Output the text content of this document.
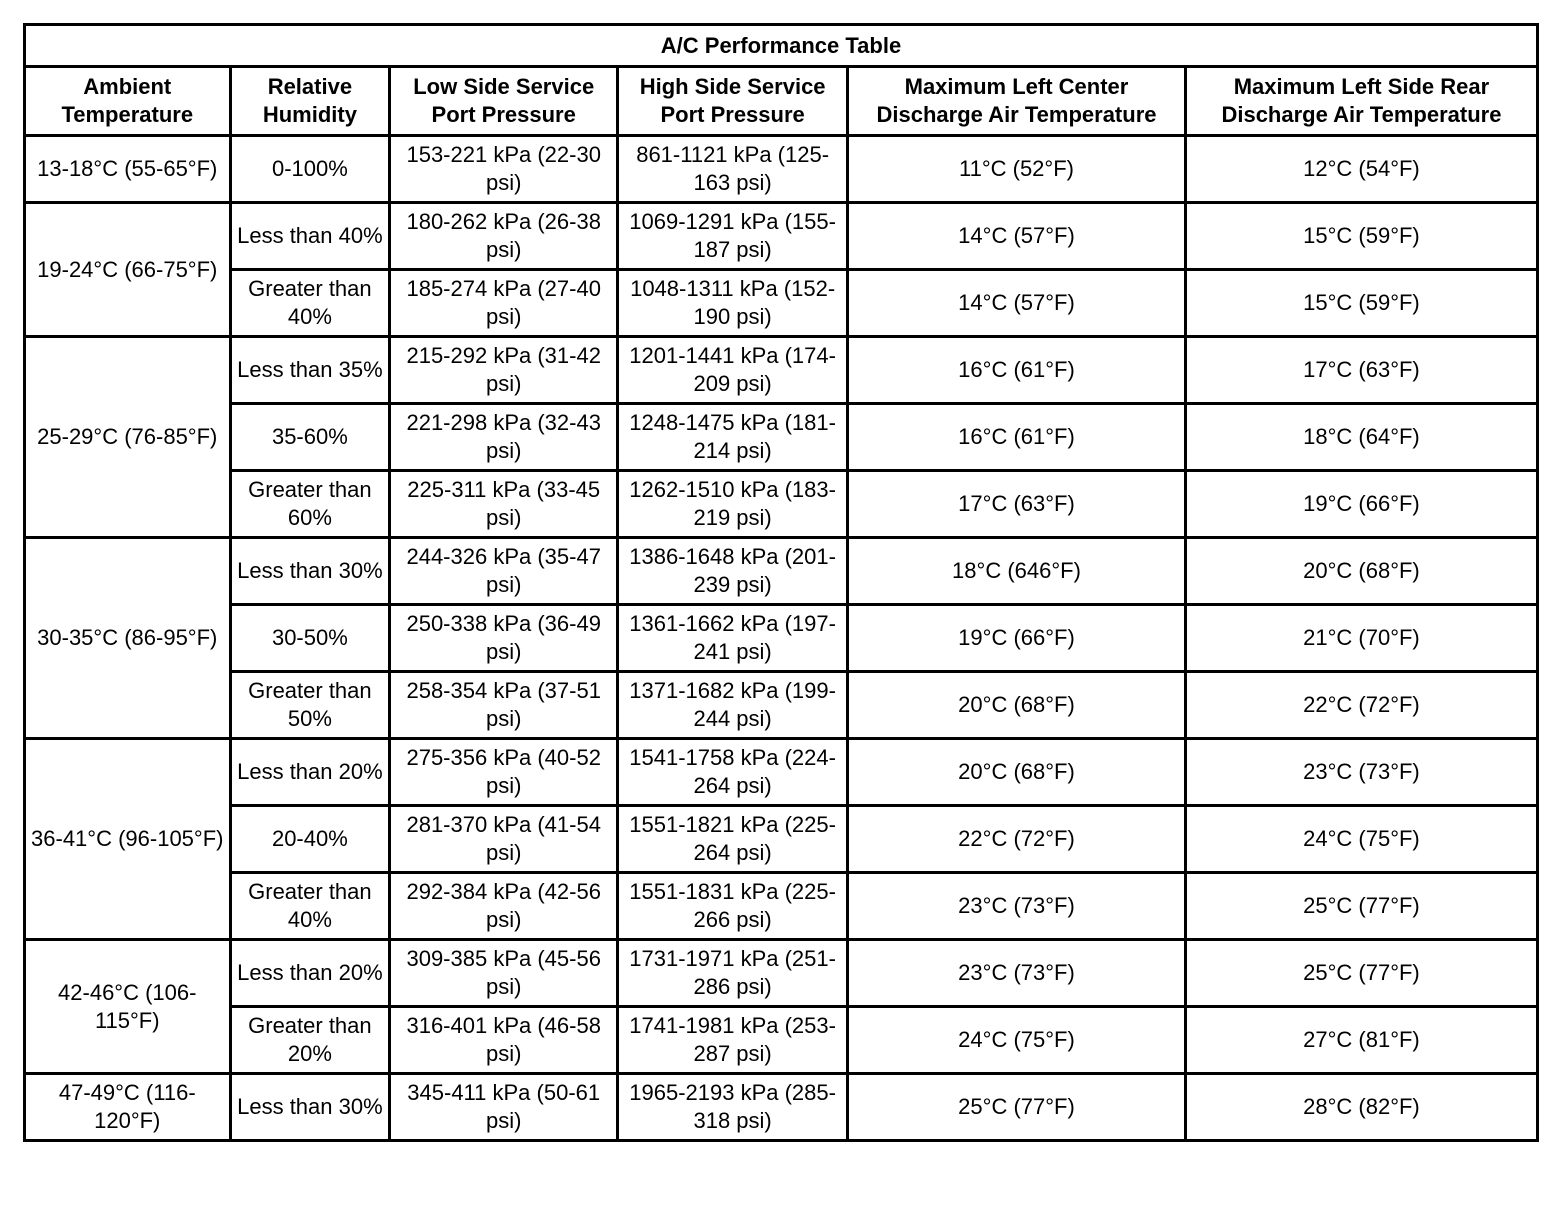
A/C Performance Table					
Ambient Temperature	Relative Humidity	Low Side Service Port Pressure	High Side Service Port Pressure	Maximum Left Center Discharge Air Temperature	Maximum Left Side Rear Discharge Air Temperature
13-18°C (55-65°F)	0-100%	153-221 kPa (22-30 psi)	861-1121 kPa (125-163 psi)	11°C (52°F)	12°C (54°F)
19-24°C (66-75°F)	Less than 40%	180-262 kPa (26-38 psi)	1069-1291 kPa (155-187 psi)	14°C (57°F)	15°C (59°F)
	Greater than 40%	185-274 kPa (27-40 psi)	1048-1311 kPa (152-190 psi)	14°C (57°F)	15°C (59°F)
25-29°C (76-85°F)	Less than 35%	215-292 kPa (31-42 psi)	1201-1441 kPa (174-209 psi)	16°C (61°F)	17°C (63°F)
	35-60%	221-298 kPa (32-43 psi)	1248-1475 kPa (181-214 psi)	16°C (61°F)	18°C (64°F)
	Greater than 60%	225-311 kPa (33-45 psi)	1262-1510 kPa (183-219 psi)	17°C (63°F)	19°C (66°F)
30-35°C (86-95°F)	Less than 30%	244-326 kPa (35-47 psi)	1386-1648 kPa (201-239 psi)	18°C (646°F)	20°C (68°F)
	30-50%	250-338 kPa (36-49 psi)	1361-1662 kPa (197-241 psi)	19°C (66°F)	21°C (70°F)
	Greater than 50%	258-354 kPa (37-51 psi)	1371-1682 kPa (199-244 psi)	20°C (68°F)	22°C (72°F)
36-41°C (96-105°F)	Less than 20%	275-356 kPa (40-52 psi)	1541-1758 kPa (224-264 psi)	20°C (68°F)	23°C (73°F)
	20-40%	281-370 kPa (41-54 psi)	1551-1821 kPa (225-264 psi)	22°C (72°F)	24°C (75°F)
	Greater than 40%	292-384 kPa (42-56 psi)	1551-1831 kPa (225-266 psi)	23°C (73°F)	25°C (77°F)
42-46°C (106-115°F)	Less than 20%	309-385 kPa (45-56 psi)	1731-1971 kPa (251-286 psi)	23°C (73°F)	25°C (77°F)
	Greater than 20%	316-401 kPa (46-58 psi)	1741-1981 kPa (253-287 psi)	24°C (75°F)	27°C (81°F)
47-49°C (116-120°F)	Less than 30%	345-411 kPa (50-61 psi)	1965-2193 kPa (285-318 psi)	25°C (77°F)	28°C (82°F)
